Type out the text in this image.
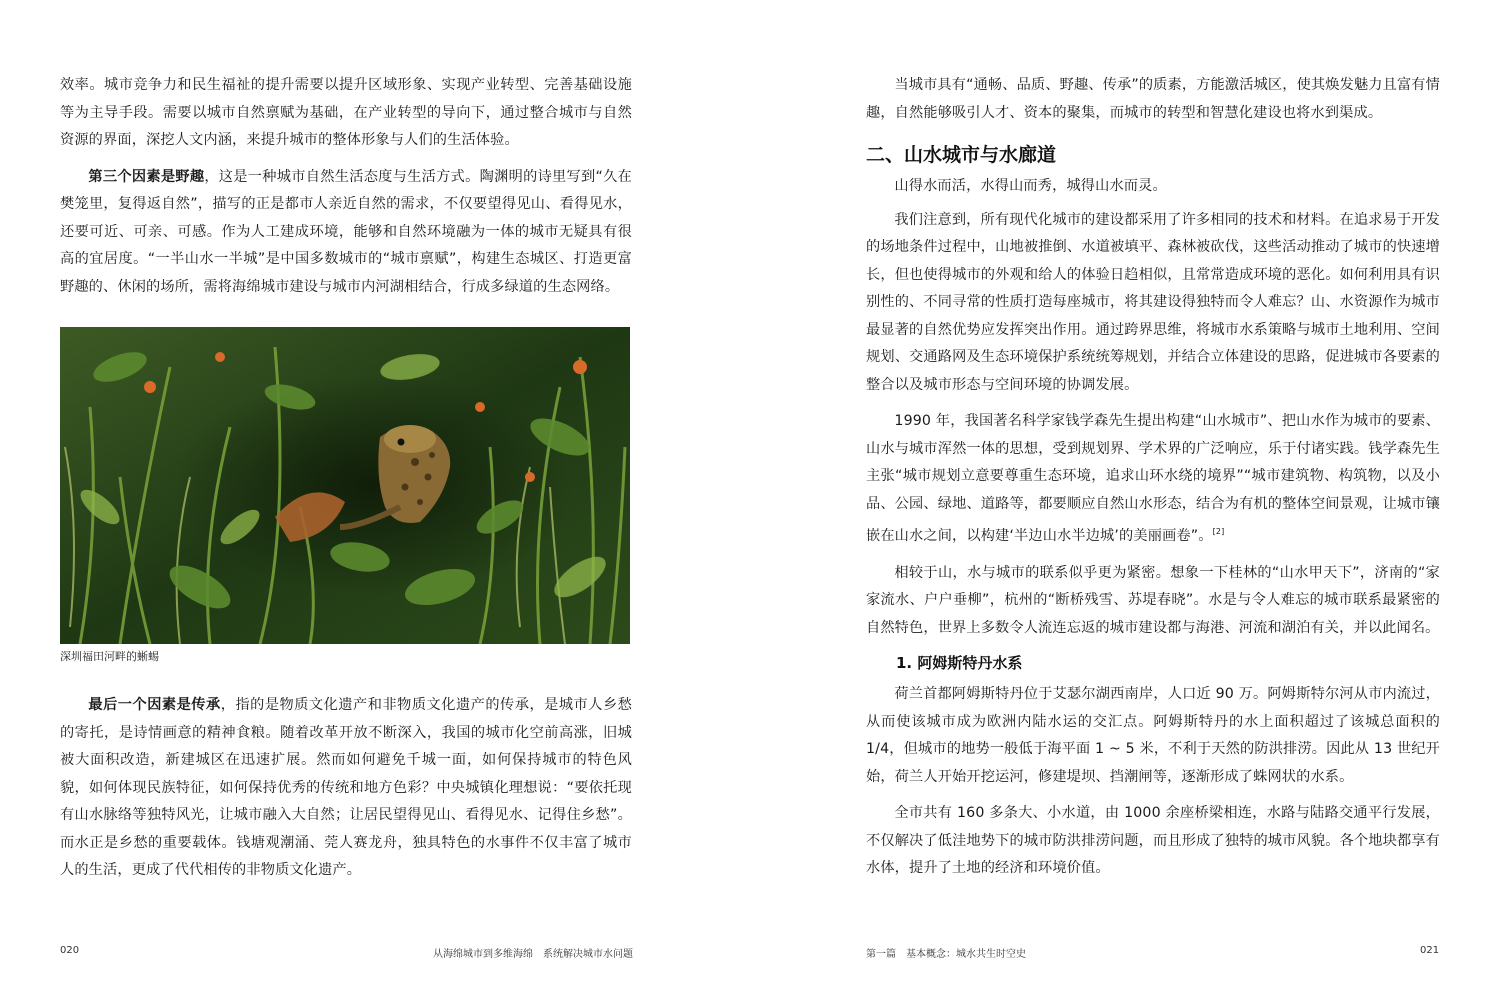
效率。城市竞争力和民生福祉的提升需要以提升区域形象、实现产业转型、完善基础设施等为主导手段。需要以城市自然禀赋为基础，在产业转型的导向下，通过整合城市与自然资源的界面，深挖人文内涵，来提升城市的整体形象与人们的生活体验。

第三个因素是野趣，这是一种城市自然生活态度与生活方式。陶渊明的诗里写到“久在樊笼里，复得返自然”，描写的正是都市人亲近自然的需求，不仅要望得见山、看得见水，还要可近、可亲、可感。作为人工建成环境，能够和自然环境融为一体的城市无疑具有很高的宜居度。“一半山水一半城”是中国多数城市的“城市禀赋”，构建生态城区、打造更富野趣的、休闲的场所，需将海绵城市建设与城市内河湖相结合，行成多绿道的生态网络。

深圳福田河畔的蜥蜴

最后一个因素是传承，指的是物质文化遗产和非物质文化遗产的传承，是城市人乡愁的寄托，是诗情画意的精神食粮。随着改革开放不断深入，我国的城市化空前高涨，旧城被大面积改造，新建城区在迅速扩展。然而如何避免千城一面，如何保持城市的特色风貌，如何体现民族特征，如何保持优秀的传统和地方色彩？中央城镇化理想说：“要依托现有山水脉络等独特风光，让城市融入大自然；让居民望得见山、看得见水、记得住乡愁”。而水正是乡愁的重要载体。钱塘观潮涌、莞人赛龙舟，独具特色的水事件不仅丰富了城市人的生活，更成了代代相传的非物质文化遗产。

020	从海绵城市到多维海绵　系统解决城市水问题

当城市具有“通畅、品质、野趣、传承”的质素，方能激活城区，使其焕发魅力且富有情趣，自然能够吸引人才、资本的聚集，而城市的转型和智慧化建设也将水到渠成。

二、山水城市与水廊道

山得水而活，水得山而秀，城得山水而灵。

我们注意到，所有现代化城市的建设都采用了许多相同的技术和材料。在追求易于开发的场地条件过程中，山地被推倒、水道被填平、森林被砍伐，这些活动推动了城市的快速增长，但也使得城市的外观和给人的体验日趋相似，且常常造成环境的恶化。如何利用具有识别性的、不同寻常的性质打造每座城市，将其建设得独特而令人难忘？山、水资源作为城市最显著的自然优势应发挥突出作用。通过跨界思维，将城市水系策略与城市土地利用、空间规划、交通路网及生态环境保护系统统筹规划，并结合立体建设的思路，促进城市各要素的整合以及城市形态与空间环境的协调发展。

1990 年，我国著名科学家钱学森先生提出构建“山水城市”、把山水作为城市的要素、山水与城市浑然一体的思想，受到规划界、学术界的广泛响应，乐于付诸实践。钱学森先生主张“城市规划立意要尊重生态环境，追求山环水绕的境界”“城市建筑物、构筑物，以及小品、公园、绿地、道路等，都要顺应自然山水形态，结合为有机的整体空间景观，让城市镶嵌在山水之间，以构建‘半边山水半边城’的美丽画卷”。[2]

相较于山，水与城市的联系似乎更为紧密。想象一下桂林的“山水甲天下”，济南的“家家流水、户户垂柳”，杭州的“断桥残雪、苏堤春晓”。水是与令人难忘的城市联系最紧密的自然特色，世界上多数令人流连忘返的城市建设都与海港、河流和湖泊有关，并以此闻名。

1. 阿姆斯特丹水系

荷兰首都阿姆斯特丹位于艾瑟尔湖西南岸，人口近 90 万。阿姆斯特尔河从市内流过，从而使该城市成为欧洲内陆水运的交汇点。阿姆斯特丹的水上面积超过了该城总面积的 1/4，但城市的地势一般低于海平面 1 ~ 5 米，不利于天然的防洪排涝。因此从 13 世纪开始，荷兰人开始开挖运河，修建堤坝、挡潮闸等，逐渐形成了蛛网状的水系。

全市共有 160 多条大、小水道，由 1000 余座桥梁相连，水路与陆路交通平行发展，不仅解决了低洼地势下的城市防洪排涝问题，而且形成了独特的城市风貌。各个地块都享有水体，提升了土地的经济和环境价值。

第一篇　基本概念：城水共生时空史	021
